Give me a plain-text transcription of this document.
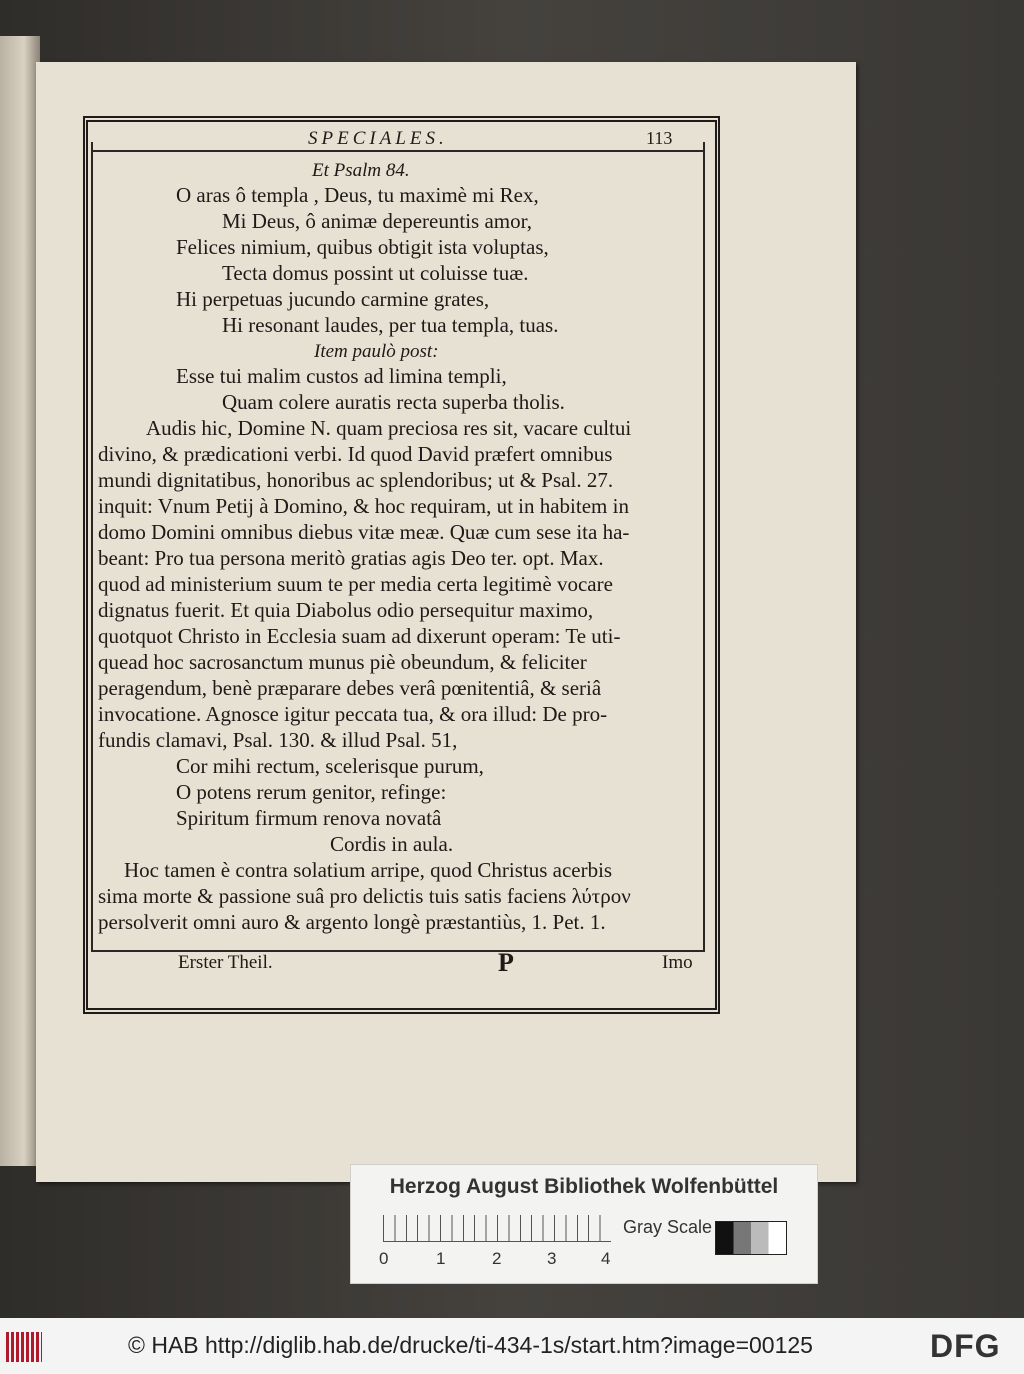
SPECIALES.	113
Et Psalm 84.
O aras ô templa , Deus, tu maximè mi Rex,
Mi Deus, ô animæ depereuntis amor,
Felices nimium, quibus obtigit ista voluptas,
Tecta domus possint ut coluisse tuæ.
Hi perpetuas jucundo carmine grates,
Hi resonant laudes, per tua templa, tuas.
Item paulò post:
Esse tui malim custos ad limina templi,
Quam colere auratis recta superba tholis.
Audis hic, Domine N. quam preciosa res sit, vacare cultui
divino, & prædicationi verbi. Id quod David præfert omnibus
mundi dignitatibus, honoribus ac splendoribus; ut & Psal. 27.
inquit: Vnum Petij à Domino, & hoc requiram, ut in habitem in
domo Domini omnibus diebus vitæ meæ. Quæ cum sese ita ha-
beant: Pro tua persona meritò gratias agis Deo ter. opt. Max.
quod ad ministerium suum te per media certa legitimè vocare
dignatus fuerit. Et quia Diabolus odio persequitur maximo,
quotquot Christo in Ecclesia suam ad dixerunt operam: Te uti-
quead hoc sacrosanctum munus piè obeundum, & feliciter
peragendum, benè præparare debes verâ pœnitentiâ, & seriâ
invocatione. Agnosce igitur peccata tua, & ora illud: De pro-
fundis clamavi, Psal. 130. & illud Psal. 51,
Cor mihi rectum, scelerisque purum,
O potens rerum genitor, refinge:
Spiritum firmum renova novatâ
Cordis in aula.
Hoc tamen è contra solatium arripe, quod Christus acerbis
sima morte & passione suâ pro delictis tuis satis faciens λύτρον
persolverit omni auro & argento longè præstantiùs, 1. Pet. 1.
Erster Theil.	P	Imo
Herzog August Bibliothek Wolfenbüttel
0	1	2	3	4
Gray Scale
© HAB http://diglib.hab.de/drucke/ti-434-1s/start.htm?image=00125	DFG
